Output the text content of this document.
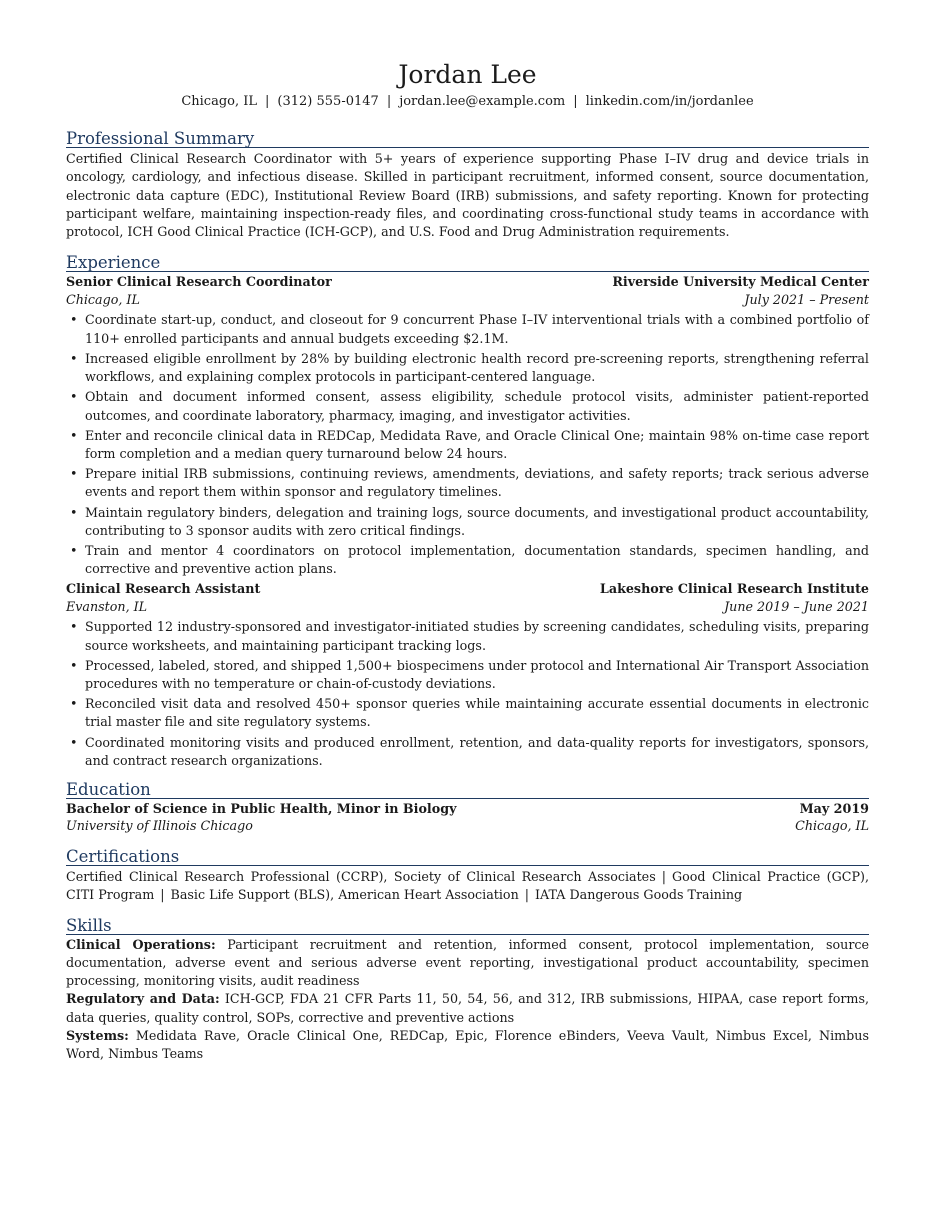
Jordan Lee
Chicago, IL | (312) 555-0147 | jordan.lee@example.com | linkedin.com/in/jordanlee
Professional Summary

Certified Clinical Research Coordinator with 5+ years of experience supporting Phase I–IV drug and device trials in oncology, cardiology, and infectious disease. Skilled in participant recruitment, informed consent, source documentation, electronic data capture (EDC), Institutional Review Board (IRB) submissions, and safety reporting. Known for protecting participant welfare, maintaining inspection-ready files, and coordinating cross-functional study teams in accordance with protocol, ICH Good Clinical Practice (ICH-GCP), and U.S. Food and Drug Administration requirements.

Experience
Senior Clinical Research Coordinator	Riverside University Medical Center
Chicago, IL	July 2021 – Present
• Coordinate start-up, conduct, and closeout for 9 concurrent Phase I–IV interventional trials with a combined portfolio of 110+ enrolled participants and annual budgets exceeding $2.1M.
• Increased eligible enrollment by 28% by building electronic health record pre-screening reports, strengthening referral workflows, and explaining complex protocols in participant-centered language.
• Obtain and document informed consent, assess eligibility, schedule protocol visits, administer patient-reported outcomes, and coordinate laboratory, pharmacy, imaging, and investigator activities.
• Enter and reconcile clinical data in REDCap, Medidata Rave, and Oracle Clinical One; maintain 98% on-time case report form completion and a median query turnaround below 24 hours.
• Prepare initial IRB submissions, continuing reviews, amendments, deviations, and safety reports; track serious adverse events and report them within sponsor and regulatory timelines.
• Maintain regulatory binders, delegation and training logs, source documents, and investigational product accountability, contributing to 3 sponsor audits with zero critical findings.
• Train and mentor 4 coordinators on protocol implementation, documentation standards, specimen handling, and corrective and preventive action plans.
Clinical Research Assistant	Lakeshore Clinical Research Institute
Evanston, IL	June 2019 – June 2021
• Supported 12 industry-sponsored and investigator-initiated studies by screening candidates, scheduling visits, preparing source worksheets, and maintaining participant tracking logs.
• Processed, labeled, stored, and shipped 1,500+ biospecimens under protocol and International Air Transport Association procedures with no temperature or chain-of-custody deviations.
• Reconciled visit data and resolved 450+ sponsor queries while maintaining accurate essential documents in electronic trial master file and site regulatory systems.
• Coordinated monitoring visits and produced enrollment, retention, and data-quality reports for investigators, sponsors, and contract research organizations.
Education
Bachelor of Science in Public Health, Minor in Biology	May 2019
University of Illinois Chicago	Chicago, IL
Certifications

Certified Clinical Research Professional (CCRP), Society of Clinical Research Associates | Good Clinical Practice (GCP), CITI Program | Basic Life Support (BLS), American Heart Association | IATA Dangerous Goods Training

Skills

Clinical Operations: Participant recruitment and retention, informed consent, protocol implementation, source documentation, adverse event and serious adverse event reporting, investigational product accountability, specimen processing, monitoring visits, audit readiness

Regulatory and Data: ICH-GCP, FDA 21 CFR Parts 11, 50, 54, 56, and 312, IRB submissions, HIPAA, case report forms, data queries, quality control, SOPs, corrective and preventive actions

Systems: Medidata Rave, Oracle Clinical One, REDCap, Epic, Florence eBinders, Veeva Vault, Nimbus Excel, Nimbus Word, Nimbus Teams
